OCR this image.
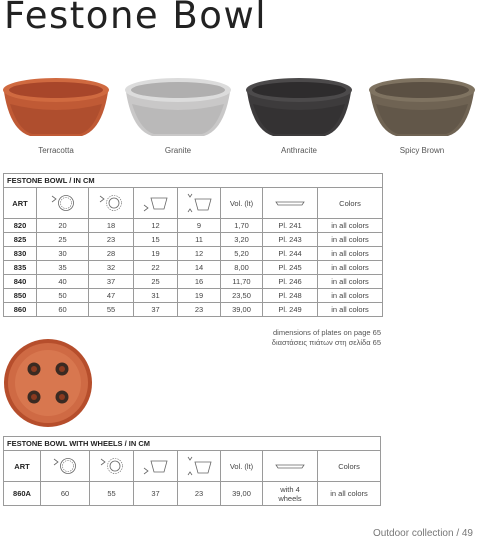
Festone Bowl
Terracotta	Granite	Anthracite	Spicy Brown
FESTONE BOWL / IN CM							
ART					Vol. (lt)		Colors
820	20	18	12	9	1,70	Pl. 241	in all colors
825	25	23	15	11	3,20	Pl. 243	in all colors
830	30	28	19	12	5,20	Pl. 244	in all colors
835	35	32	22	14	8,00	Pl. 245	in all colors
840	40	37	25	16	11,70	Pl. 246	in all colors
850	50	47	31	19	23,50	Pl. 248	in all colors
860	60	55	37	23	39,00	Pl. 249	in all colors
dimensions of plates on page 65
διαστάσεις πιάτων στη σελίδα 65
FESTONE BOWL WITH WHEELS / IN CM							
ART					Vol. (lt)		Colors
860A	60	55	37	23	39,00	with 4
wheels	in all colors
Outdoor collection / 49
